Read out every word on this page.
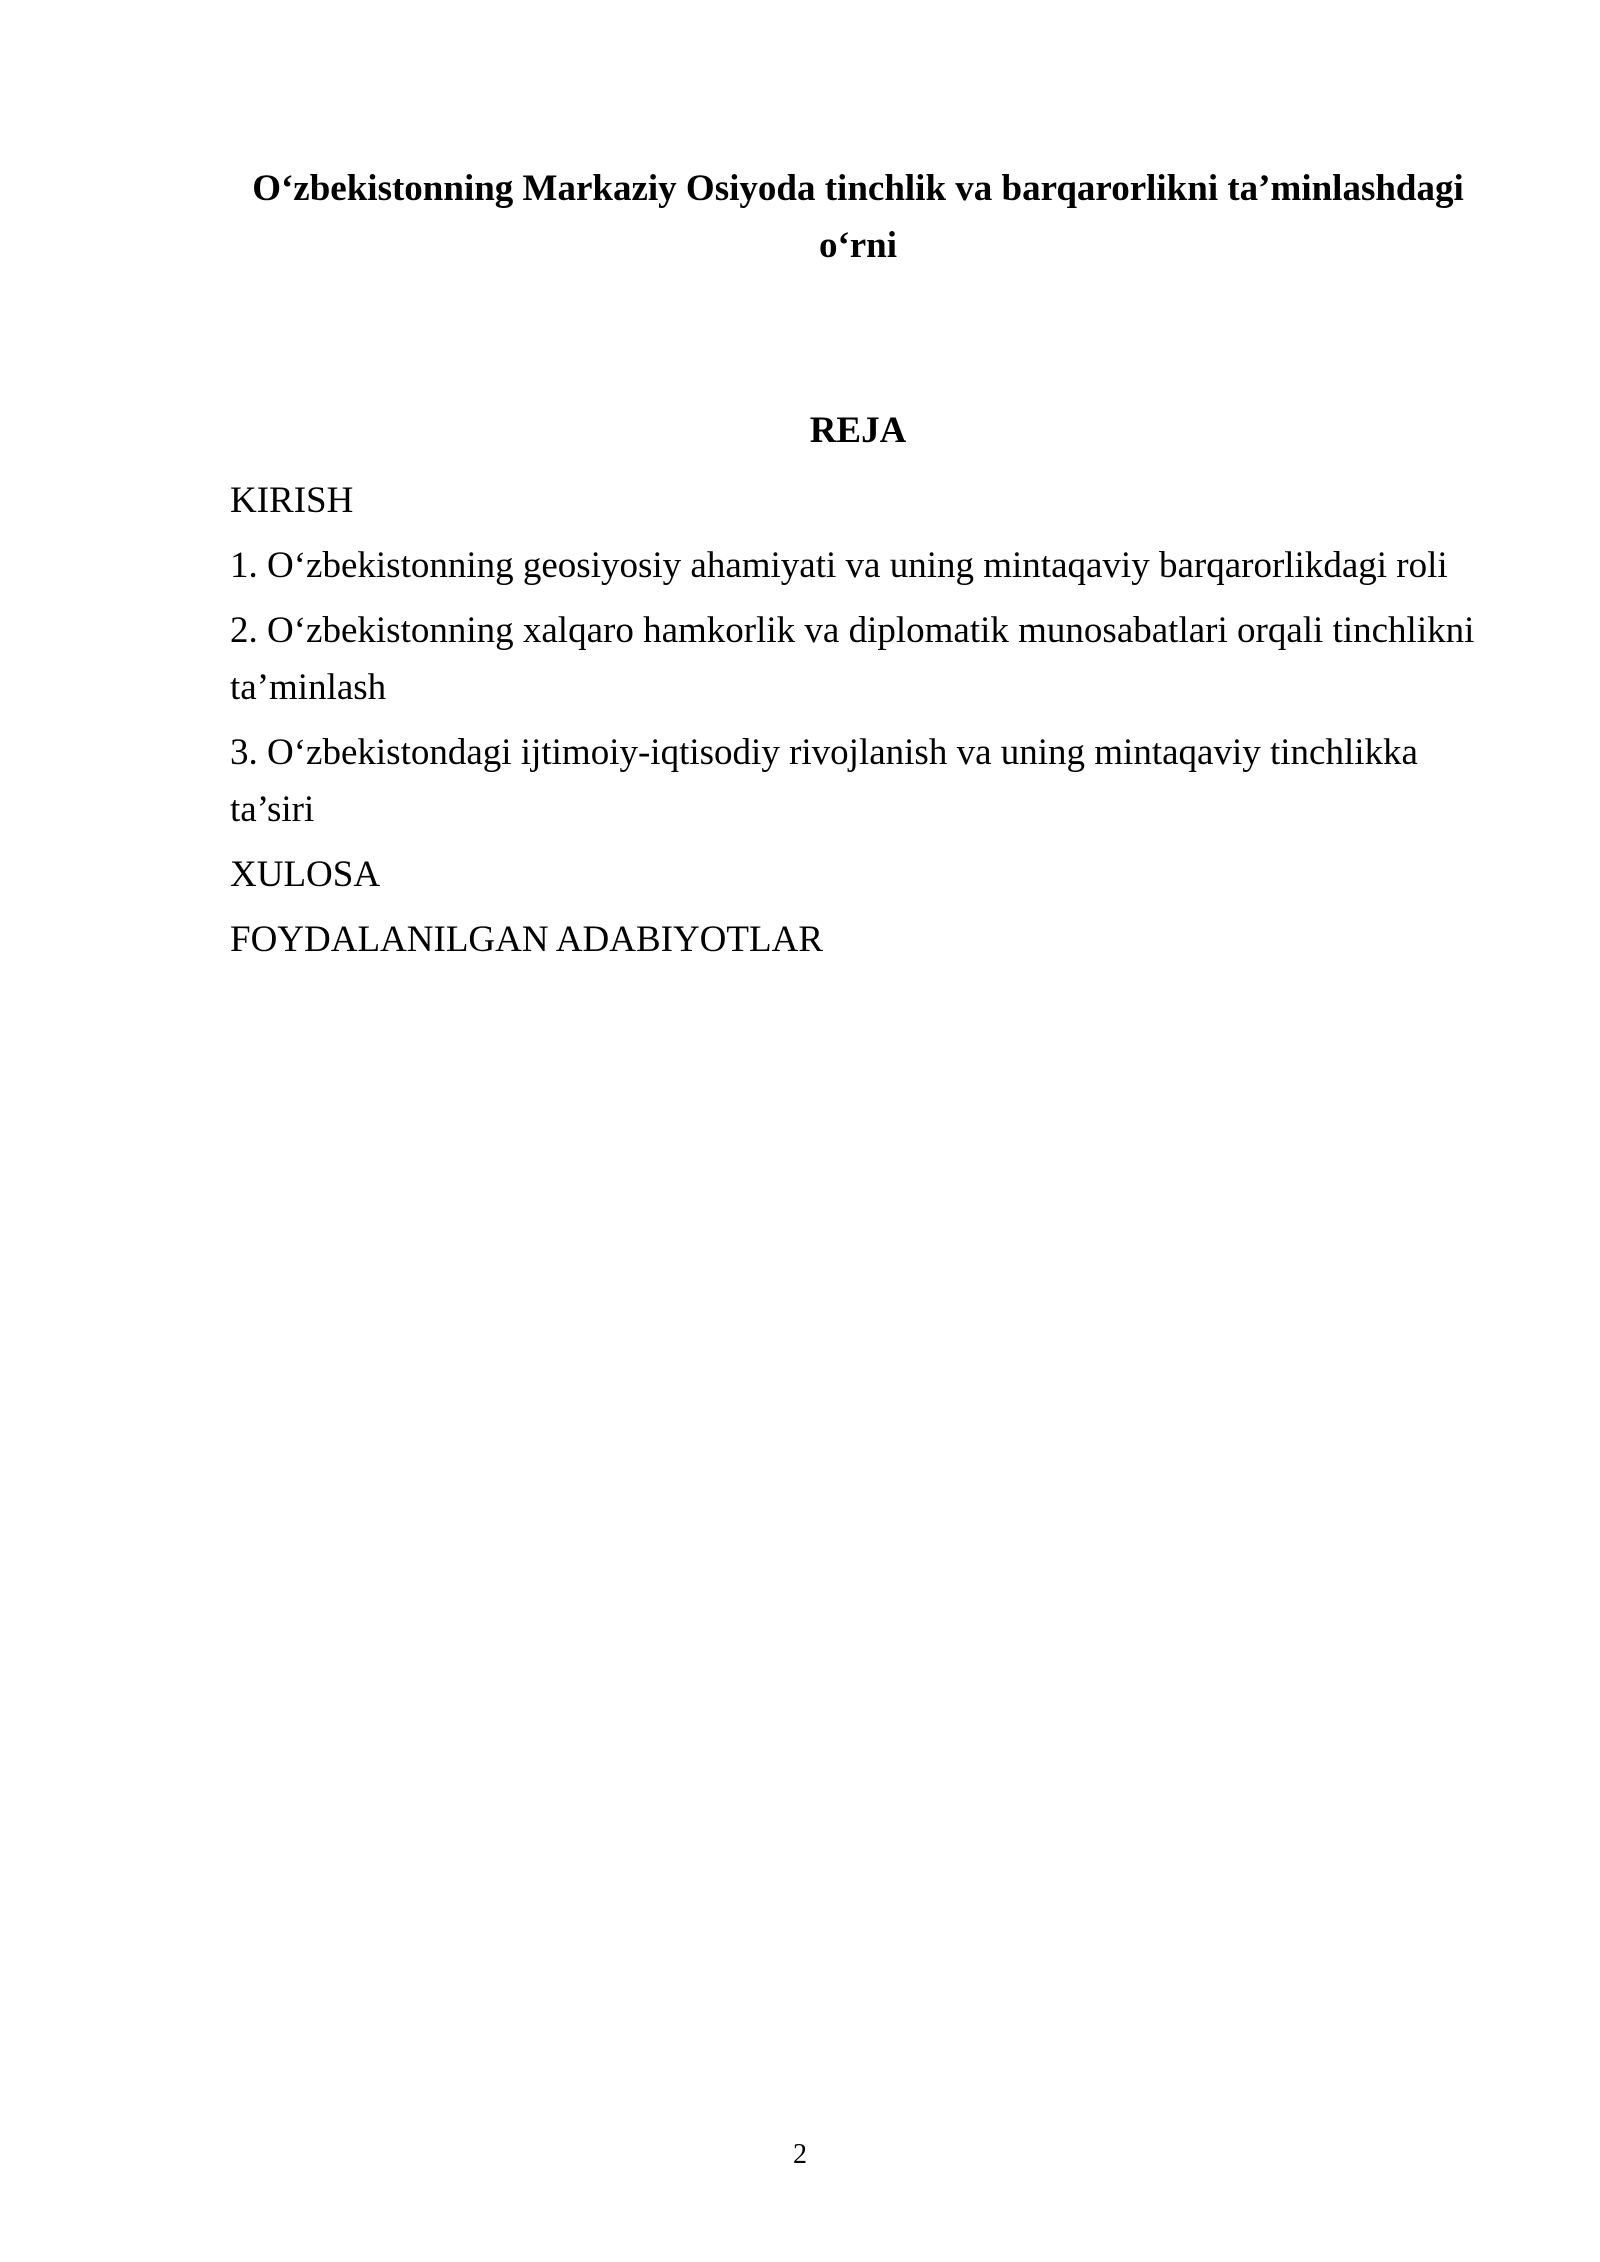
O‘zbekistonning Markaziy Osiyoda tinchlik va barqarorlikni ta’minlashdagi o‘rni
REJA
KIRISH
1. O‘zbekistonning geosiyosiy ahamiyati va uning mintaqaviy barqarorlikdagi roli
2. O‘zbekistonning xalqaro hamkorlik va diplomatik munosabatlari orqali tinchlikni ta’minlash
3. O‘zbekistondagi ijtimoiy-iqtisodiy rivojlanish va uning mintaqaviy tinchlikka ta’siri
XULOSA
FOYDALANILGAN ADABIYOTLAR
2
